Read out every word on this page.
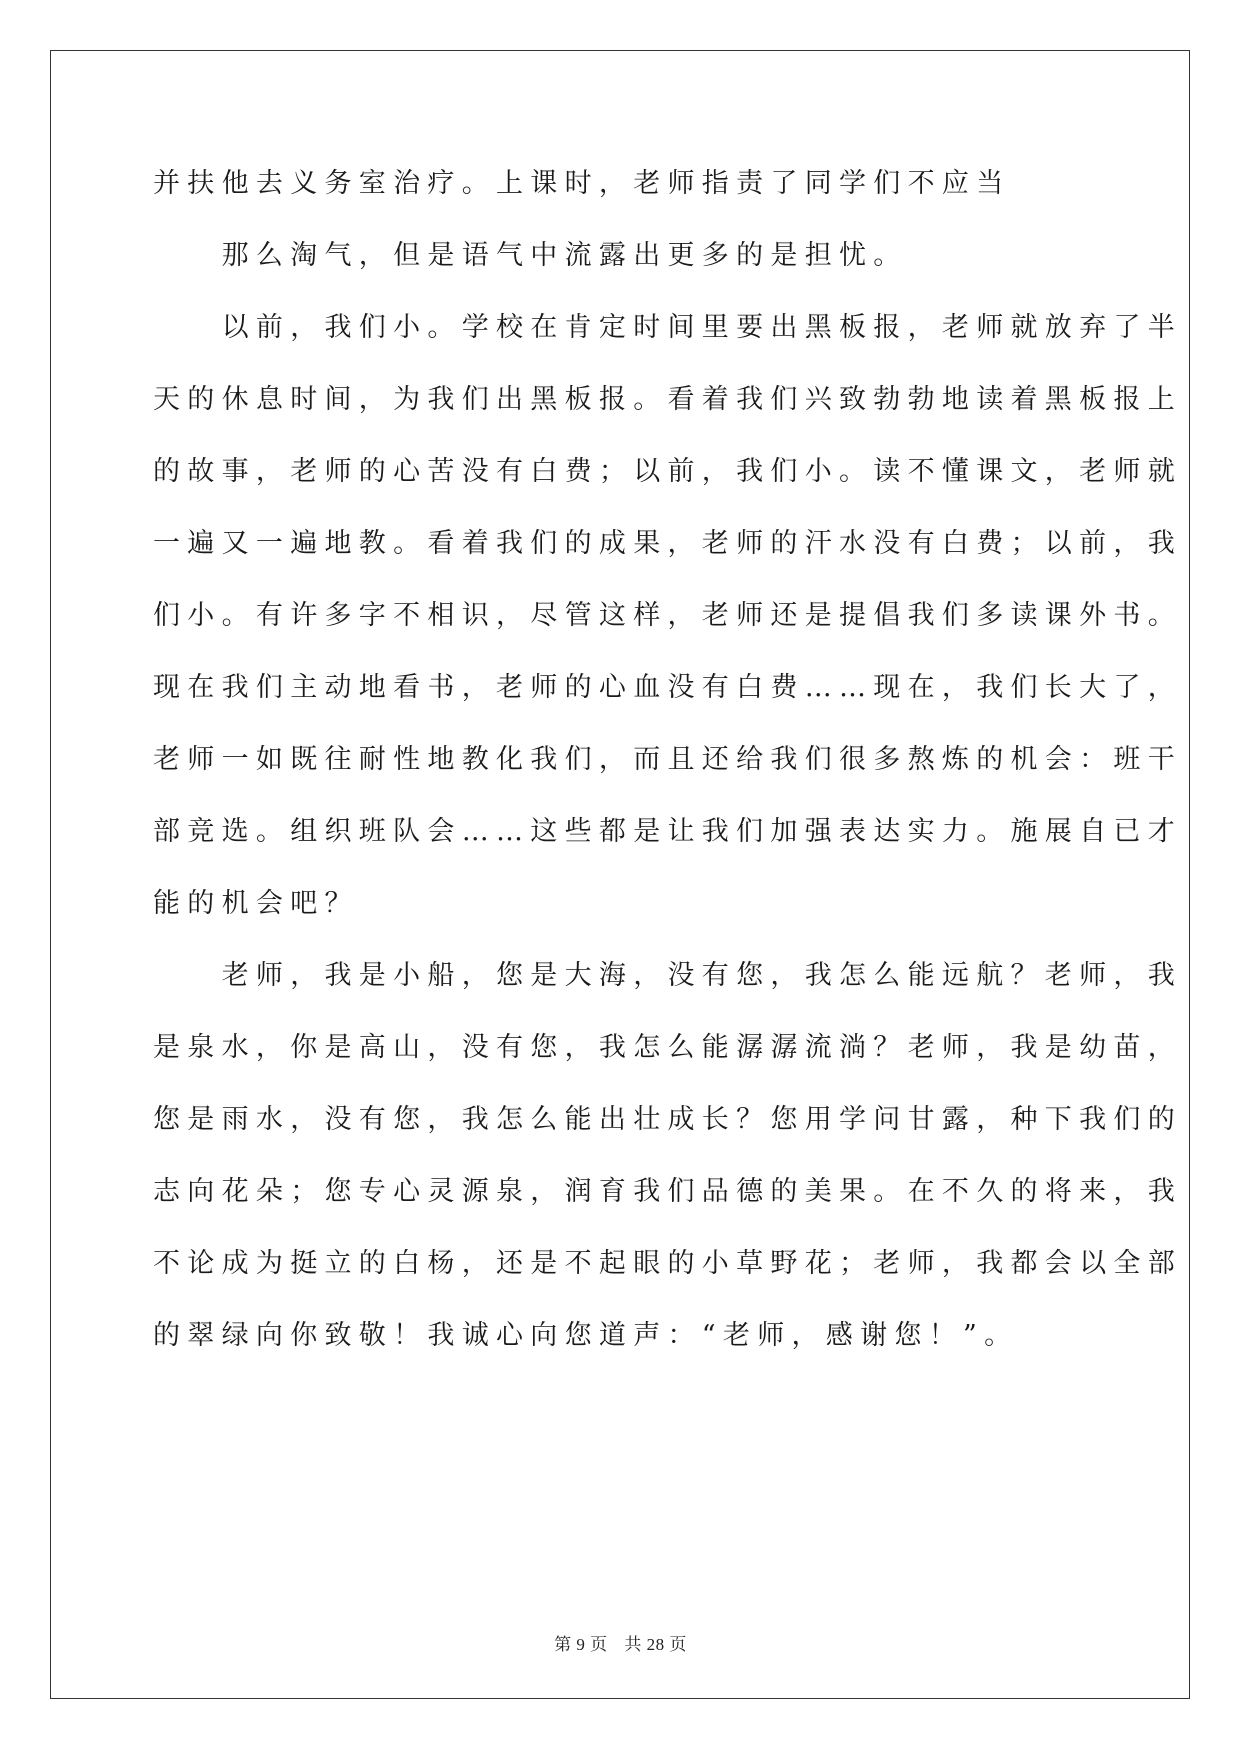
并扶他去义务室治疗。上课时，老师指责了同学们不应当
　　那么淘气，但是语气中流露出更多的是担忧。
　　以前，我们小。学校在肯定时间里要出黑板报，老师就放弃了半
天的休息时间，为我们出黑板报。看着我们兴致勃勃地读着黑板报上
的故事，老师的心苦没有白费；以前，我们小。读不懂课文，老师就
一遍又一遍地教。看着我们的成果，老师的汗水没有白费；以前，我
们小。有许多字不相识，尽管这样，老师还是提倡我们多读课外书。
现在我们主动地看书，老师的心血没有白费……现在，我们长大了，
老师一如既往耐性地教化我们，而且还给我们很多熬炼的机会：班干
部竞选。组织班队会……这些都是让我们加强表达实力。施展自已才
能的机会吧？
　　老师，我是小船，您是大海，没有您，我怎么能远航？老师，我
是泉水，你是高山，没有您，我怎么能潺潺流淌？老师，我是幼苗，
您是雨水，没有您，我怎么能出壮成长？您用学问甘露，种下我们的
志向花朵；您专心灵源泉，润育我们品德的美果。在不久的将来，我
不论成为挺立的白杨，还是不起眼的小草野花；老师，我都会以全部
的翠绿向你致敬！我诚心向您道声：“老师，感谢您！”。
第 9 页 共 28 页
